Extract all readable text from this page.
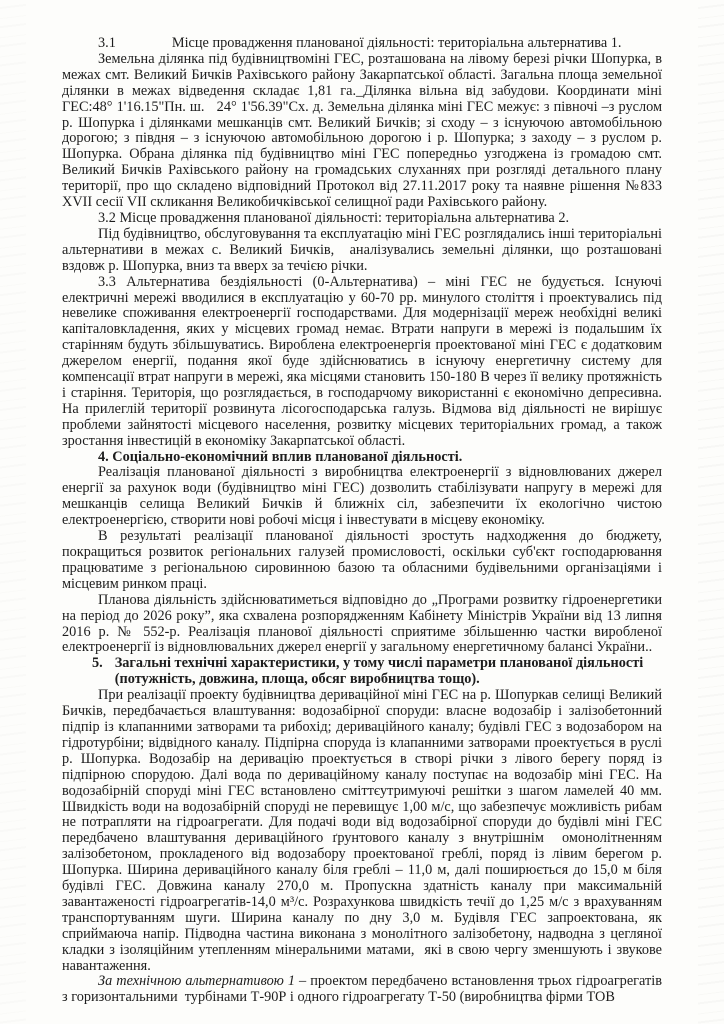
3.1	Місце провадження планованої діяльності: територіальна альтернатива 1.

Земельна ділянка під будівництвоміні ГЕС, розташована на лівому березі річки Шопурка, в межах смт. Великий Бичків Рахівського району Закарпатської області. Загальна площа земельної ділянки в межах відведення складає 1,81 га._Ділянка вільна від забудови. Координати міні ГЕС:48° 1'16.15"Пн. ш.   24° 1'56.39"Сх. д. Земельна ділянка міні ГЕС межує: з півночі –з руслом р. Шопурка і ділянками мешканців смт. Великий Бичків; зі сходу – з існуючою автомобільною дорогою; з півдня – з існуючою автомобільною дорогою і р. Шопурка; з заходу – з руслом р. Шопурка. Обрана ділянка під будівництво міні ГЕС попередньо узгоджена із громадою смт. Великий Бичків Рахівського району на громадських слуханнях при розгляді детального плану території, про що складено відповідний Протокол від 27.11.2017 року та наявне рішення №833 XVII сесії VII скликання Великобичківської селищної ради Рахівського району.

3.2 Місце провадження планованої діяльності: територіальна альтернатива 2.

Під будівництво, обслуговування та експлуатацію міні ГЕС розглядались інші територіальні альтернативи в межах с. Великий Бичків,  аналізувались земельні ділянки, що розташовані вздовж р. Шопурка, вниз та вверх за течією річки.

3.3 Альтернатива бездіяльності (0-Альтернатива) – міні ГЕС не будується. Існуючі електричні мережі вводилися в експлуатацію у 60-70 рр. минулого століття і проектувались під невелике споживання електроенергії господарствами. Для модернізації мереж необхідні великі капіталовкладення, яких у місцевих громад немає. Втрати напруги в мережі із подальшим їх старінням будуть збільшуватись. Вироблена електроенергія проектованої міні ГЕС є додатковим джерелом енергії, подання якої буде здійснюватись в існуючу енергетичну систему для компенсації втрат напруги в мережі, яка місцями становить 150-180 В через її велику протяжність і старіння. Територія, що розглядається, в господарчому використанні є економічно депресивна. На прилеглій території розвинута лісогосподарська галузь. Відмова від діяльності не вирішує проблеми зайнятості місцевого населення, розвитку місцевих територіальних громад, а також зростання інвестицій в економіку Закарпатської області.

4. Соціально-економічний вплив планованої діяльності.

Реалізація планованої діяльності з виробництва електроенергії з відновлюваних джерел енергії за рахунок води (будівництво міні ГЕС) дозволить стабілізувати напругу в мережі для мешканців селища Великий Бичків й ближніх сіл, забезпечити їх екологічно чистою електроенергією, створити нові робочі місця і інвестувати в місцеву економіку.

В результаті реалізації планованої діяльності зростуть надходження до бюджету, покращиться розвиток регіональних галузей промисловості, оскільки суб'єкт господарювання працюватиме з регіональною сировинною базою та обласними будівельними організаціями і місцевим ринком праці.

Планова діяльність здійснюватиметься відповідно до „Програми розвитку гідроенергетики на період до 2026 року”, яка схвалена розпорядженням Кабінету Міністрів України від 13 липня 2016 р. № 552-р. Реалізація планової діяльності сприятиме збільшенню частки виробленої електроенергії із відновлювальних джерел енергії у загальному енергетичному балансі України..

5. Загальні технічні характеристики, у тому числі параметри планованої діяльності (потужність, довжина, площа, обсяг виробництва тощо).

При реалізації проекту будівництва дериваційної міні ГЕС на р. Шопуркав селищі Великий Бичків, передбачається влаштування: водозабірної споруди: власне водозабір і залізобетонний підпір із клапанними затворами та рибохід; дериваційного каналу; будівлі ГЕС з водозабором на гідротурбіни; відвідного каналу. Підпірна споруда із клапанними затворами проектується в руслі р. Шопурка. Водозабір на деривацію проектується в створі річки з лівого берегу поряд із підпірною спорудою. Далі вода по дериваційному каналу поступає на водозабір міні ГЕС. На водозабірній споруді міні ГЕС встановлено сміттєутримуючі решітки з шагом ламелей 40 мм. Швидкість води на водозабірній споруді не перевищує 1,00 м/с, що забезпечує можливість рибам не потрапляти на гідроагрегати. Для подачі води від водозабірної споруди до будівлі міні ГЕС передбачено влаштування дериваційного ґрунтового каналу з внутрішнім  омонолітненням залізобетоном, прокладеного від водозабору проектованої греблі, поряд із лівим берегом р. Шопурка. Ширина дериваційного каналу біля греблі – 11,0 м, далі поширюється до 15,0 м біля будівлі ГЕС. Довжина каналу 270,0 м. Пропускна здатність каналу при максимальній завантаженості гідроагрегатів-14,0 м³/с. Розрахункова швидкість течії до 1,25 м/с з врахуванням транспортуванням шуги. Ширина каналу по дну 3,0 м. Будівля ГЕС запроектована, як сприймаюча напір. Підводна частина виконана з монолітного залізобетону, надводна з цегляної кладки з ізоляційним утепленням мінеральними матами,  які в свою чергу зменшують і звукове навантаження.

За технічною альтернативою 1 – проектом передбачено встановлення трьох гідроагрегатів з горизонтальними  турбінами Т-90Р і одного гідроагрегату Т-50 (виробництва фірми ТОВ
